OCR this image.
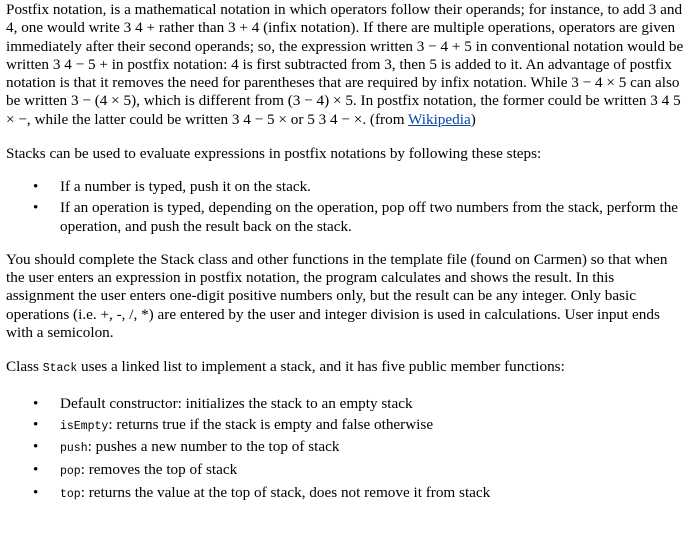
Postfix notation, is a mathematical notation in which operators follow their operands; for instance, to add 3 and 4, one would write 3 4 + rather than 3 + 4 (infix notation). If there are multiple operations, operators are given immediately after their second operands; so, the expression written 3 − 4 + 5 in conventional notation would be written 3 4 − 5 + in postfix notation: 4 is first subtracted from 3, then 5 is added to it. An advantage of postfix notation is that it removes the need for parentheses that are required by infix notation. While 3 − 4 × 5 can also be written 3 − (4 × 5), which is different from (3 − 4) × 5. In postfix notation, the former could be written 3 4 5 × −, while the latter could be written 3 4 − 5 × or 5 3 4 − ×. (from Wikipedia)

Stacks can be used to evaluate expressions in postfix notations by following these steps:

• If a number is typed, push it on the stack.
• If an operation is typed, depending on the operation, pop off two numbers from the stack, perform the operation, and push the result back on the stack.

You should complete the Stack class and other functions in the template file (found on Carmen) so that when the user enters an expression in postfix notation, the program calculates and shows the result. In this assignment the user enters one-digit positive numbers only, but the result can be any integer. Only basic operations (i.e. +, -, /, *) are entered by the user and integer division is used in calculations. User input ends with a semicolon.

Class Stack uses a linked list to implement a stack, and it has five public member functions:

• Default constructor: initializes the stack to an empty stack
• isEmpty: returns true if the stack is empty and false otherwise
• push: pushes a new number to the top of stack
• pop: removes the top of stack
• top: returns the value at the top of stack, does not remove it from stack
